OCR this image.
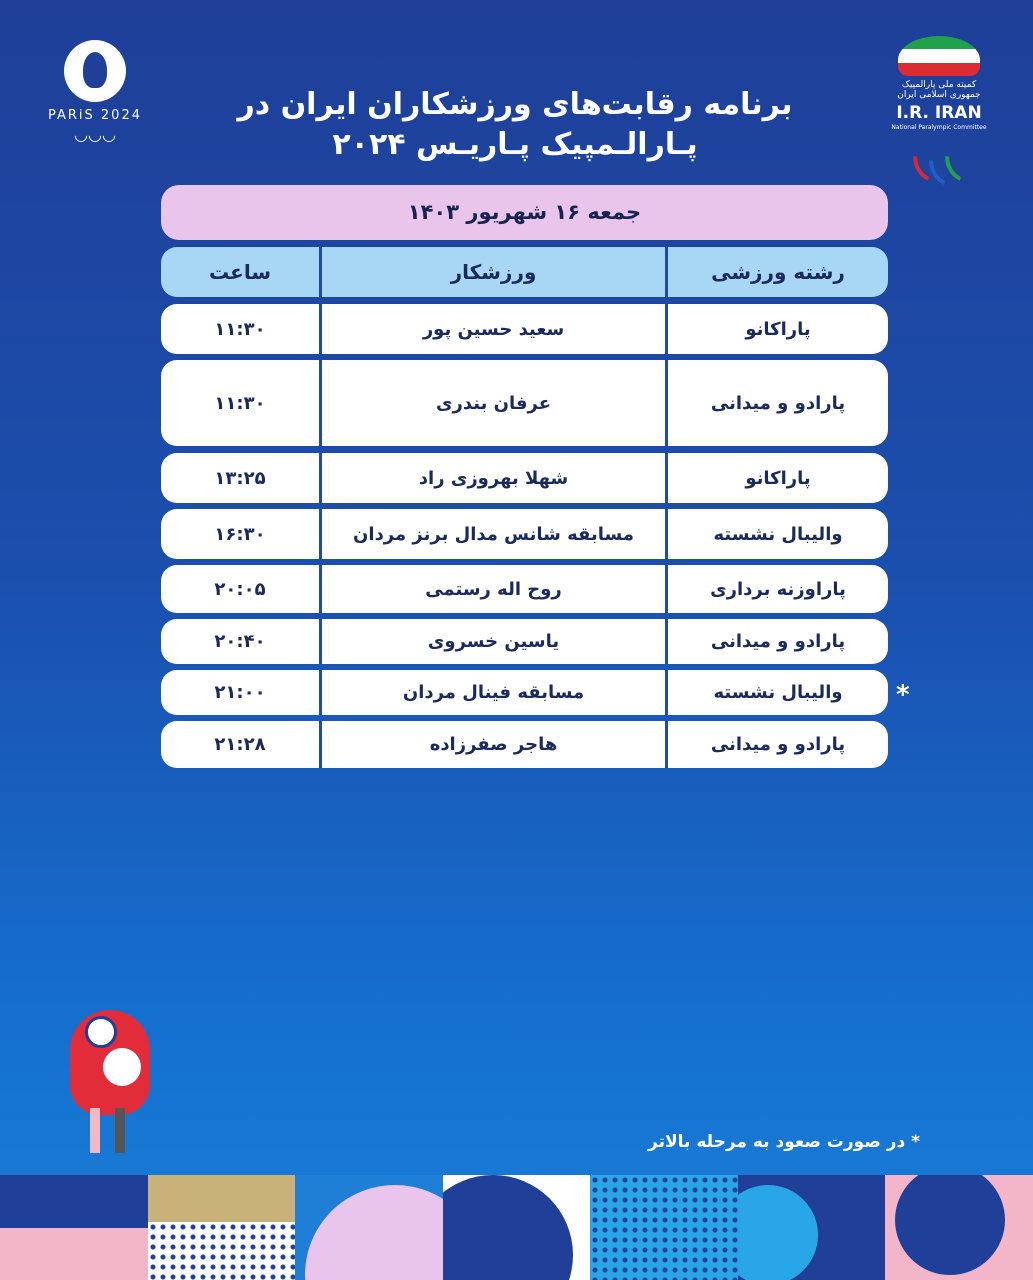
PARiS 2024
◡◡◡
کمیته ملی پارالمپیک جمهوری اسلامی ایران
I.R. IRAN
National Paralympic Committee
برنامه رقابت‌های ورزشکاران ایران در
پـارالـمپیک پـاریـس ۲۰۲۴
جمعه ۱۶ شهریور ۱۴۰۳
رشته ورزشی
ورزشکار
ساعت
پاراکانو
سعید حسین پور
۱۱:۳۰
پارادو و میدانی
عرفان بندری
۱۱:۳۰
پاراکانو
شهلا بهروزی راد
۱۳:۲۵
والیبال نشسته
مسابقه شانس مدال برنز مردان
۱۶:۳۰
پاراوزنه برداری
روح اله رستمی
۲۰:۰۵
پارادو و میدانی
یاسین خسروی
۲۰:۴۰
والیبال نشسته
مسابقه فینال مردان
۲۱:۰۰
پارادو و میدانی
هاجر صفرزاده
۲۱:۲۸
*
* در صورت صعود به مرحله بالاتر
